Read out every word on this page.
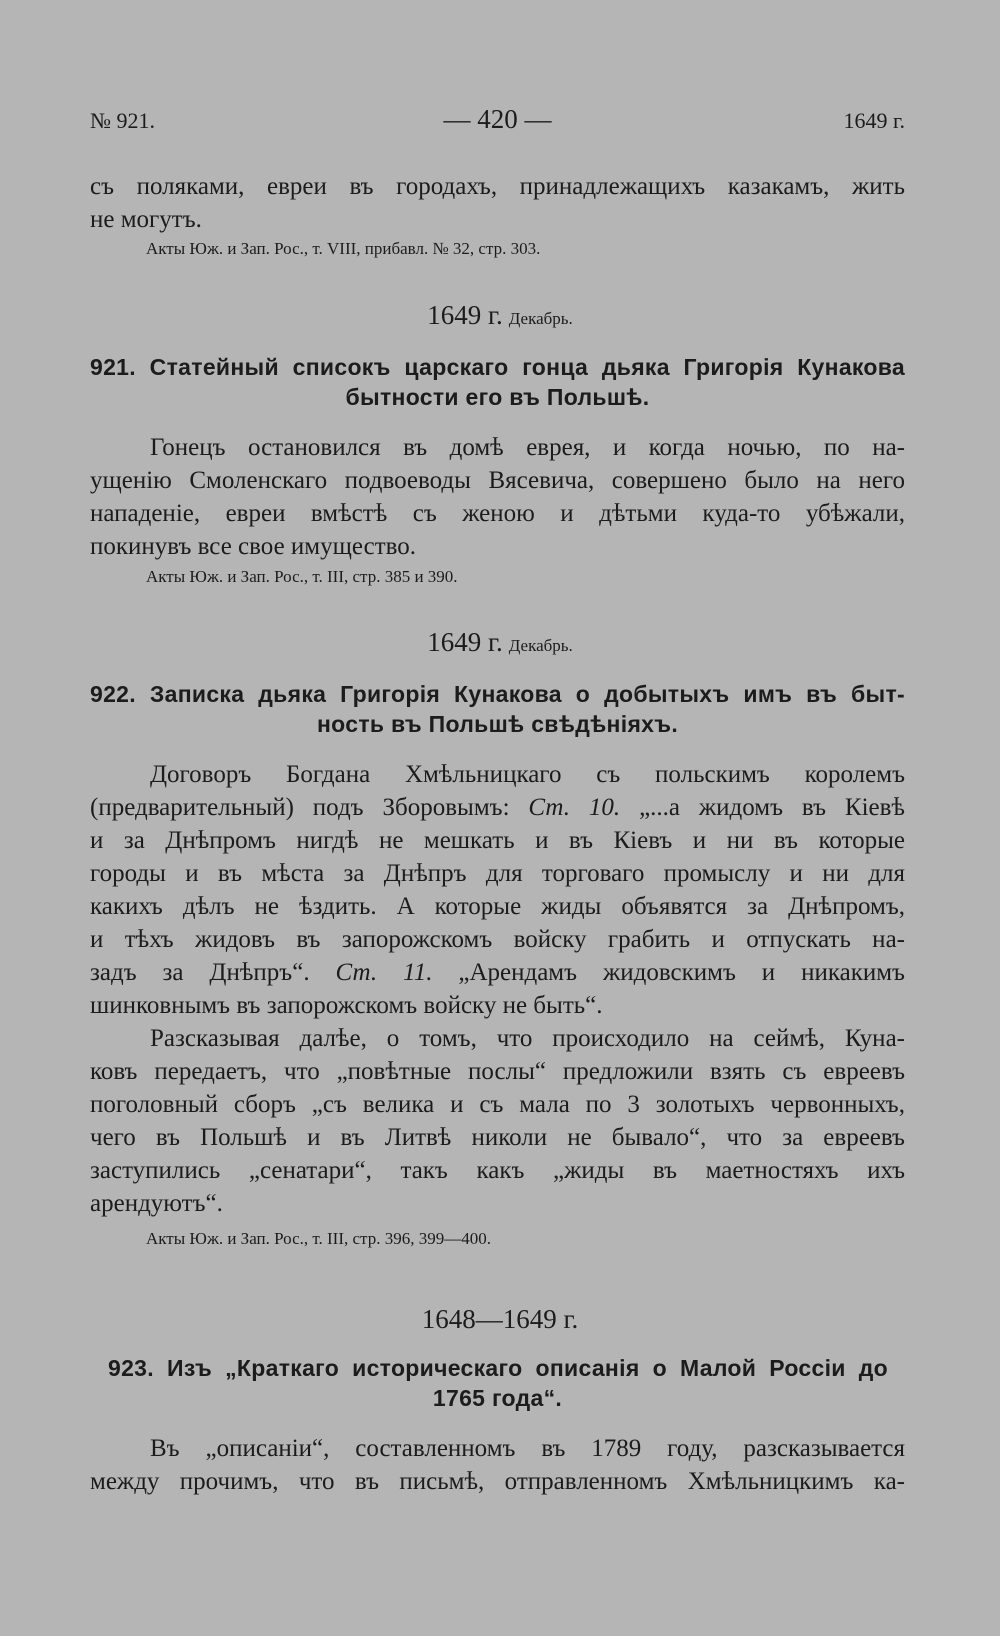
№ 921.	— 420 —	1649 г.
съ поляками, евреи въ городахъ, принадлежащихъ казакамъ, жить
не могутъ.
Акты Юж. и Зап. Рос., т. VIII, прибавл. № 32, стр. 303.
1649 г. Декабрь.
921. Статейный списокъ царскаго гонца дьяка Григорія Кунакова
бытности его въ Польшѣ.
Гонецъ остановился въ домѣ еврея, и когда ночью, по на-
ущенію Смоленскаго подвоеводы Вясевича, совершено было на него
нападеніе, евреи вмѣстѣ съ женою и дѣтьми куда-то убѣжали,
покинувъ все свое имущество.
Акты Юж. и Зап. Рос., т. III, стр. 385 и 390.
1649 г. Декабрь.
922. Записка дьяка Григорія Кунакова о добытыхъ имъ въ быт-
ность въ Польшѣ свѣдѣніяхъ.
Договоръ Богдана Хмѣльницкаго съ польскимъ королемъ
(предварительный) подъ Зборовымъ: Ст. 10. „...а жидомъ въ Кіевѣ
и за Днѣпромъ нигдѣ не мешкать и въ Кіевъ и ни въ которые
городы и въ мѣста за Днѣпръ для торговаго промыслу и ни для
какихъ дѣлъ не ѣздить. А которые жиды объявятся за Днѣпромъ,
и тѣхъ жидовъ въ запорожскомъ войску грабить и отпускать на-
задъ за Днѣпръ“. Ст. 11. „Арендамъ жидовскимъ и никакимъ
шинковнымъ въ запорожскомъ войску не быть“.
Разсказывая далѣе, о томъ, что происходило на сеймѣ, Куна-
ковъ передаетъ, что „повѣтные послы“ предложили взять съ евреевъ
поголовный сборъ „съ велика и съ мала по 3 золотыхъ червонныхъ,
чего въ Польшѣ и въ Литвѣ николи не бывало“, что за евреевъ
заступились „сенатари“, такъ какъ „жиды въ маетностяхъ ихъ
арендуютъ“.
Акты Юж. и Зап. Рос., т. III, стр. 396, 399—400.
1648—1649 г.
923. Изъ „Краткаго историческаго описанія о Малой Россіи до
1765 года“.
Въ „описаніи“, составленномъ въ 1789 году, разсказывается
между прочимъ, что въ письмѣ, отправленномъ Хмѣльницкимъ ка-
